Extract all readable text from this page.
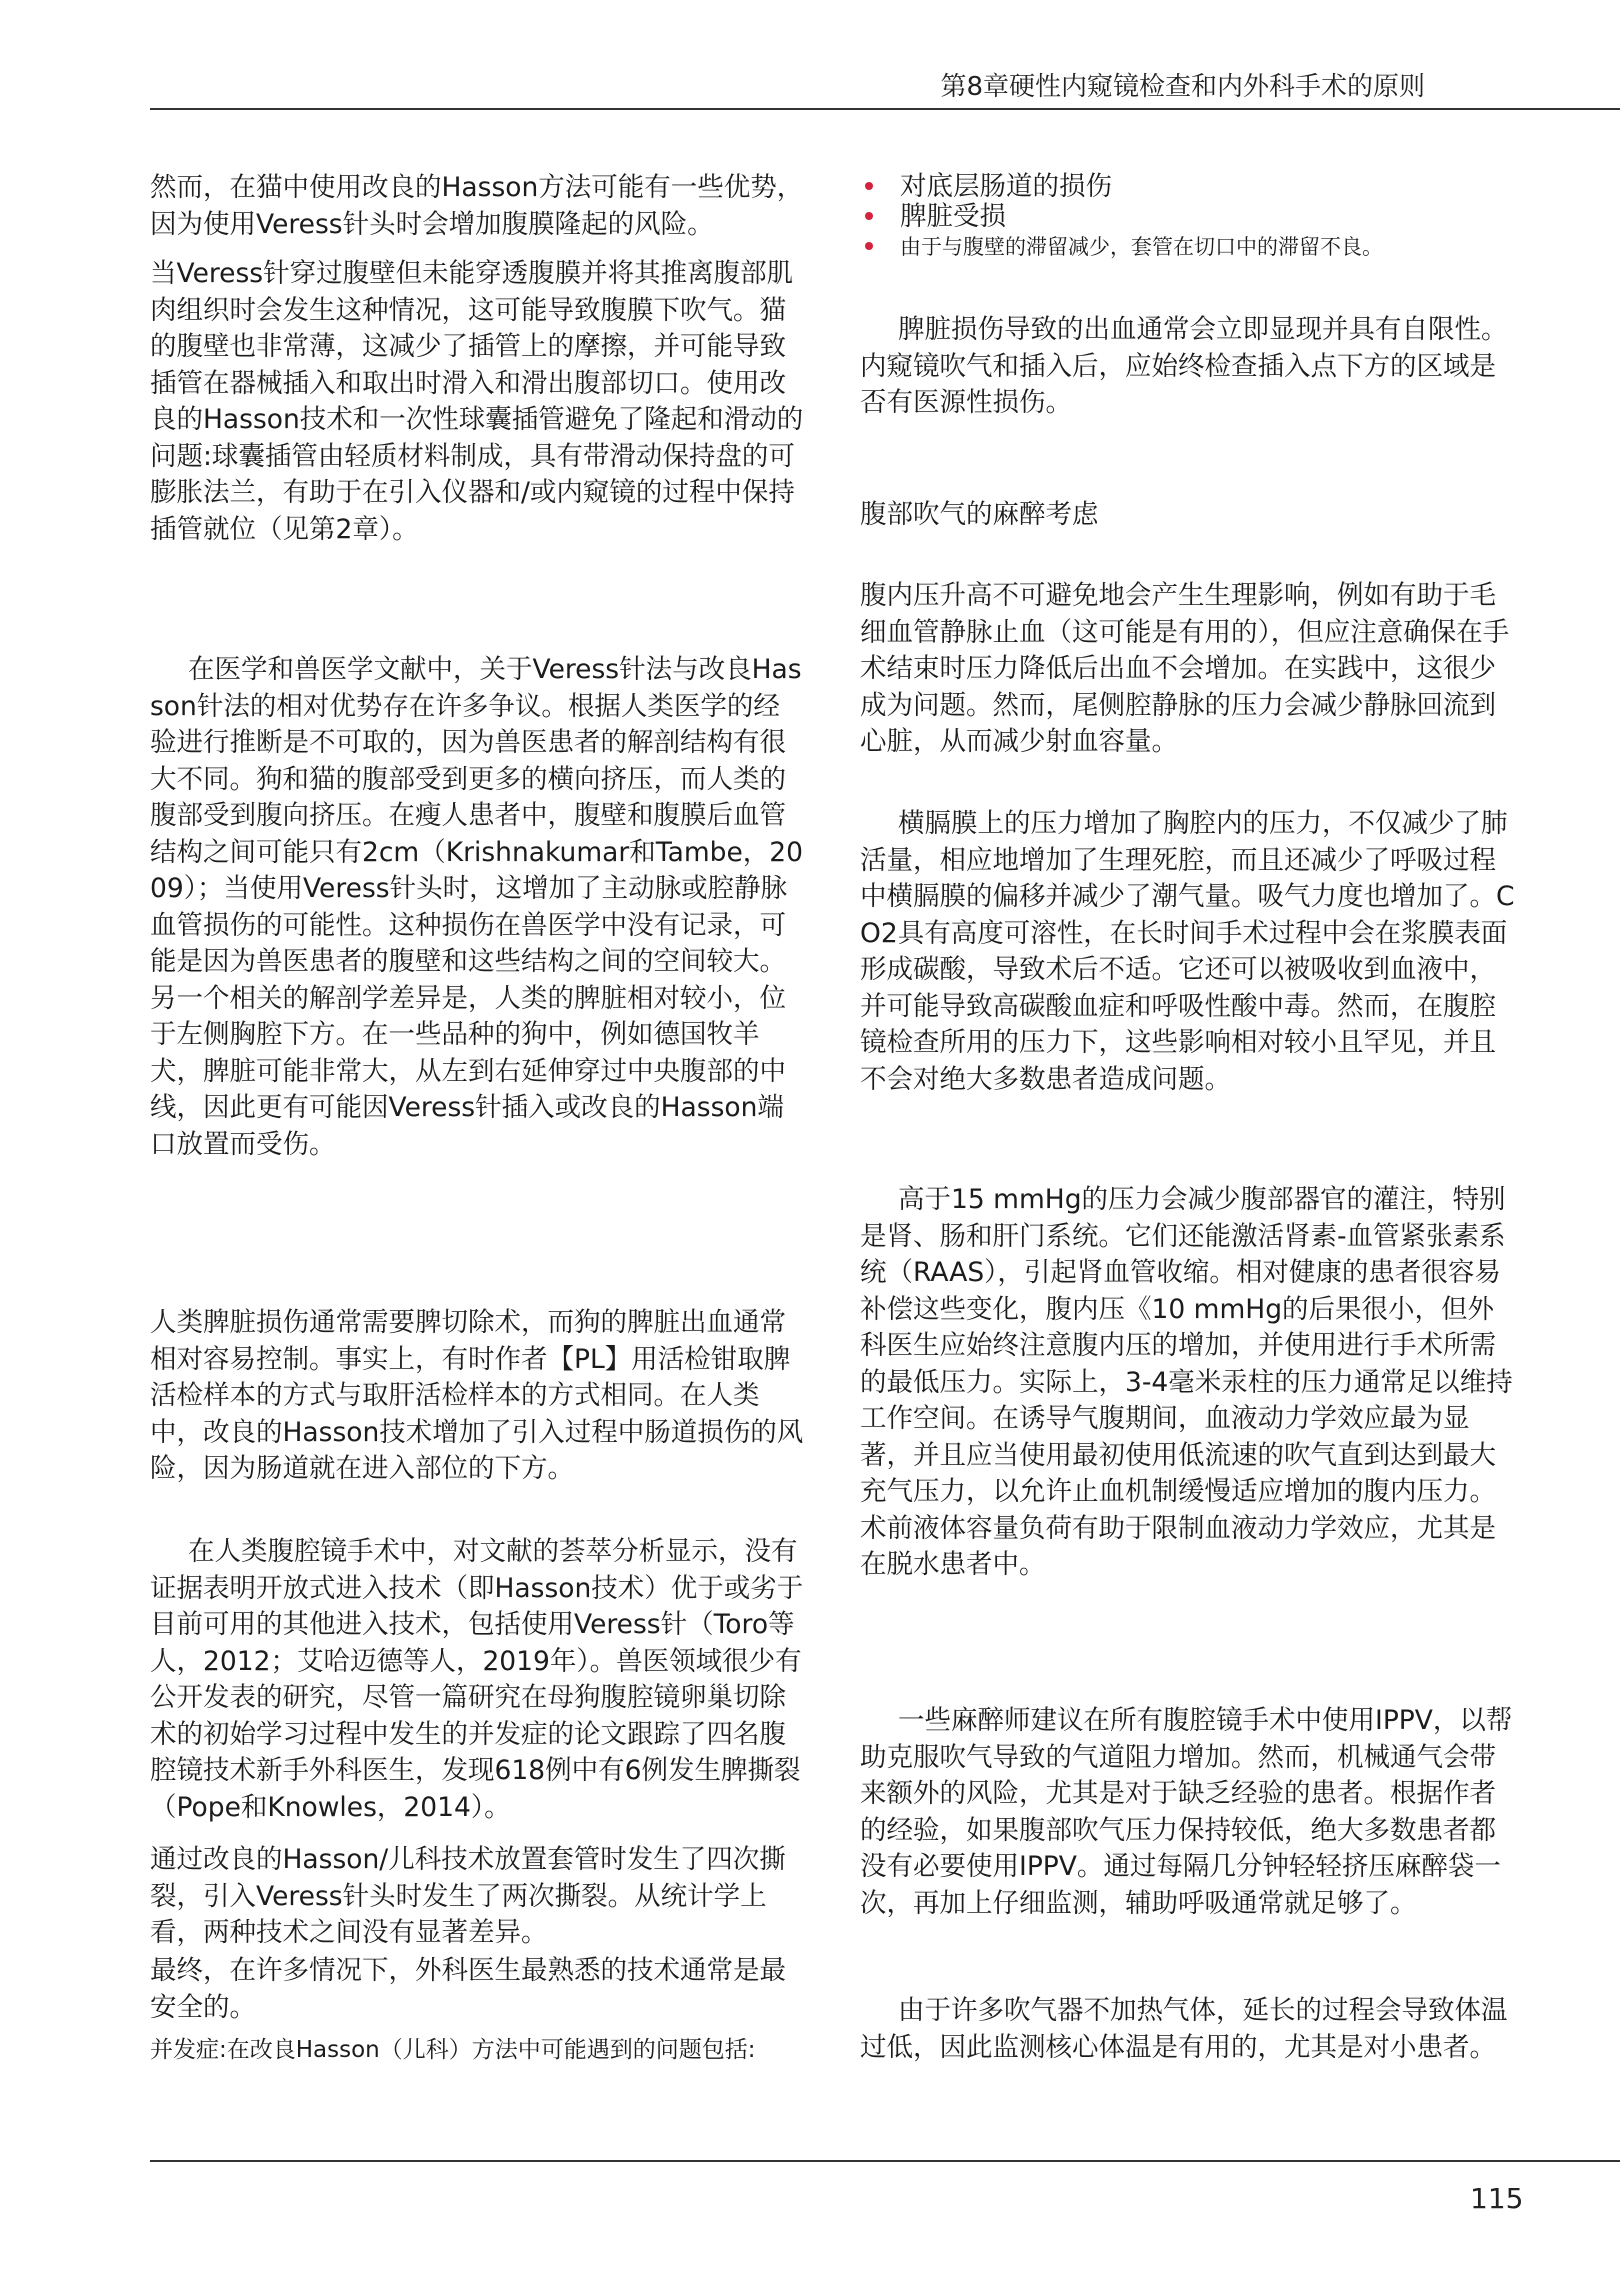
第8章硬性内窥镜检查和内外科手术的原则

然而，在猫中使用改良的Hasson方法可能有一些优势，因为使用Veress针头时会增加腹膜隆起的风险。

当Veress针穿过腹壁但未能穿透腹膜并将其推离腹部肌肉组织时会发生这种情况，这可能导致腹膜下吹气。猫的腹壁也非常薄，这减少了插管上的摩擦，并可能导致插管在器械插入和取出时滑入和滑出腹部切口。使用改良的Hasson技术和一次性球囊插管避免了隆起和滑动的问题:球囊插管由轻质材料制成，具有带滑动保持盘的可膨胀法兰，有助于在引入仪器和/或内窥镜的过程中保持插管就位（见第2章）。

在医学和兽医学文献中，关于Veress针法与改良Hasson针法的相对优势存在许多争议。根据人类医学的经验进行推断是不可取的，因为兽医患者的解剖结构有很大不同。狗和猫的腹部受到更多的横向挤压，而人类的腹部受到腹向挤压。在瘦人患者中，腹壁和腹膜后血管结构之间可能只有2cm（Krishnakumar和Tambe，2009）；当使用Veress针头时，这增加了主动脉或腔静脉血管损伤的可能性。这种损伤在兽医学中没有记录，可能是因为兽医患者的腹壁和这些结构之间的空间较大。另一个相关的解剖学差异是，人类的脾脏相对较小，位于左侧胸腔下方。在一些品种的狗中，例如德国牧羊犬，脾脏可能非常大，从左到右延伸穿过中央腹部的中线，因此更有可能因Veress针插入或改良的Hasson端口放置而受伤。

人类脾脏损伤通常需要脾切除术，而狗的脾脏出血通常相对容易控制。事实上，有时作者【PL】用活检钳取脾活检样本的方式与取肝活检样本的方式相同。在人类中，改良的Hasson技术增加了引入过程中肠道损伤的风险，因为肠道就在进入部位的下方。

在人类腹腔镜手术中，对文献的荟萃分析显示，没有证据表明开放式进入技术（即Hasson技术）优于或劣于目前可用的其他进入技术，包括使用Veress针（Toro等人，2012；艾哈迈德等人，2019年）。兽医领域很少有公开发表的研究，尽管一篇研究在母狗腹腔镜卵巢切除术的初始学习过程中发生的并发症的论文跟踪了四名腹腔镜技术新手外科医生，发现618例中有6例发生脾撕裂（Pope和Knowles，2014）。

通过改良的Hasson/儿科技术放置套管时发生了四次撕裂，引入Veress针头时发生了两次撕裂。从统计学上看，两种技术之间没有显著差异。

最终，在许多情况下，外科医生最熟悉的技术通常是最安全的。

并发症:在改良Hasson（儿科）方法中可能遇到的问题包括:

对底层肠道的损伤
脾脏受损
由于与腹壁的滞留减少，套管在切口中的滞留不良。

脾脏损伤导致的出血通常会立即显现并具有自限性。内窥镜吹气和插入后，应始终检查插入点下方的区域是否有医源性损伤。

腹部吹气的麻醉考虑

腹内压升高不可避免地会产生生理影响，例如有助于毛细血管静脉止血（这可能是有用的），但应注意确保在手术结束时压力降低后出血不会增加。在实践中，这很少成为问题。然而，尾侧腔静脉的压力会减少静脉回流到心脏，从而减少射血容量。

横膈膜上的压力增加了胸腔内的压力，不仅减少了肺活量，相应地增加了生理死腔，而且还减少了呼吸过程中横膈膜的偏移并减少了潮气量。吸气力度也增加了。CO2具有高度可溶性，在长时间手术过程中会在浆膜表面形成碳酸，导致术后不适。它还可以被吸收到血液中，并可能导致高碳酸血症和呼吸性酸中毒。然而，在腹腔镜检查所用的压力下，这些影响相对较小且罕见，并且不会对绝大多数患者造成问题。

高于15 mmHg的压力会减少腹部器官的灌注，特别是肾、肠和肝门系统。它们还能激活肾素-血管紧张素系统（RAAS），引起肾血管收缩。相对健康的患者很容易补偿这些变化，腹内压《10 mmHg的后果很小，但外科医生应始终注意腹内压的增加，并使用进行手术所需的最低压力。实际上，3-4毫米汞柱的压力通常足以维持工作空间。在诱导气腹期间，血液动力学效应最为显著，并且应当使用最初使用低流速的吹气直到达到最大充气压力，以允许止血机制缓慢适应增加的腹内压力。术前液体容量负荷有助于限制血液动力学效应，尤其是在脱水患者中。

一些麻醉师建议在所有腹腔镜手术中使用IPPV，以帮助克服吹气导致的气道阻力增加。然而，机械通气会带来额外的风险，尤其是对于缺乏经验的患者。根据作者的经验，如果腹部吹气压力保持较低，绝大多数患者都没有必要使用IPPV。通过每隔几分钟轻轻挤压麻醉袋一次，再加上仔细监测，辅助呼吸通常就足够了。

由于许多吹气器不加热气体，延长的过程会导致体温过低，因此监测核心体温是有用的，尤其是对小患者。

115
